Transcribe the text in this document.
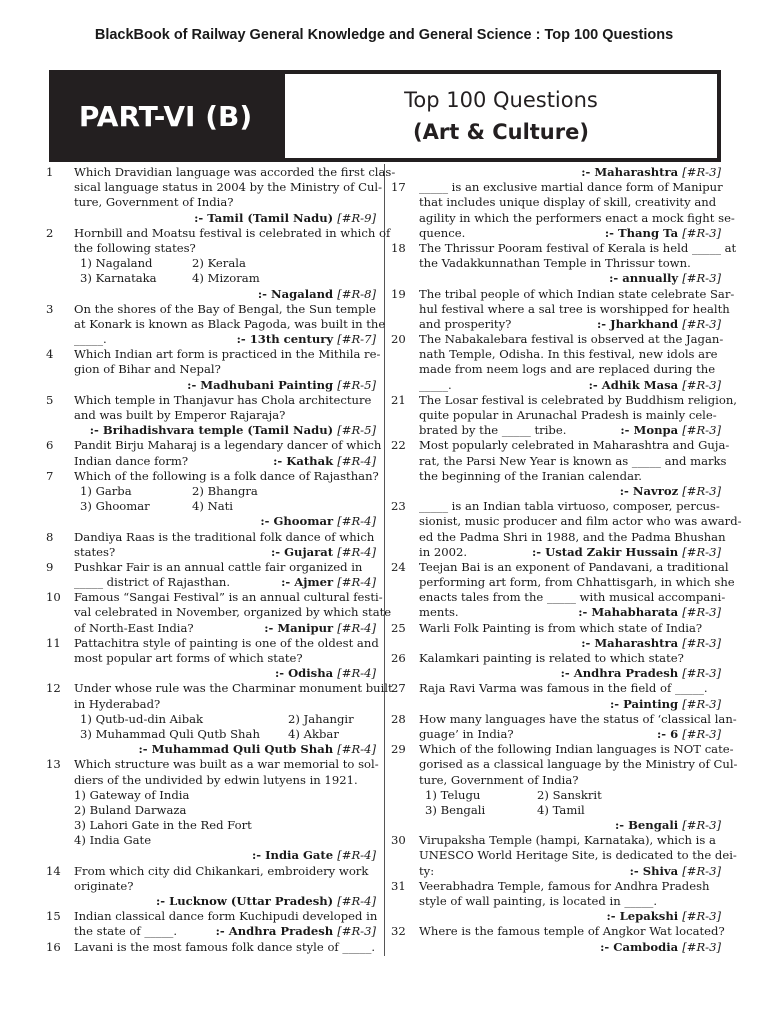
BlackBook of Railway General Knowledge and General Science : Top 100 Questions
PART-VI (B)	Top 100 Questions
(Art & Culture)
1 Which Dravidian language was accorded the first clas-
sical language status in 2004 by the Ministry of Cul-
ture, Government of India?
:- Tamil (Tamil Nadu) [#R-9]
2 Hornbill and Moatsu festival is celebrated in which of
the following states?
1) Nagaland	2) Kerala
3) Karnataka	4) Mizoram
:- Nagaland [#R-8]
3 On the shores of the Bay of Bengal, the Sun temple
at Konark is known as Black Pagoda, was built in the
_____.	:- 13th century [#R-7]
4 Which Indian art form is practiced in the Mithila re-
gion of Bihar and Nepal?
:- Madhubani Painting [#R-5]
5 Which temple in Thanjavur has Chola architecture
and was built by Emperor Rajaraja?
:- Brihadishvara temple (Tamil Nadu) [#R-5]
6 Pandit Birju Maharaj is a legendary dancer of which
Indian dance form?	:- Kathak [#R-4]
7 Which of the following is a folk dance of Rajasthan?
1) Garba	2) Bhangra
3) Ghoomar	4) Nati
:- Ghoomar [#R-4]
8 Dandiya Raas is the traditional folk dance of which
states?	:- Gujarat [#R-4]
9 Pushkar Fair is an annual cattle fair organized in
_____ district of Rajasthan.	:- Ajmer [#R-4]
10 Famous “Sangai Festival” is an annual cultural festi-
val celebrated in November, organized by which state
of North-East India?	:- Manipur [#R-4]
11 Pattachitra style of painting is one of the oldest and
most popular art forms of which state?
:- Odisha [#R-4]
12 Under whose rule was the Charminar monument built
in Hyderabad?
1) Qutb-ud-din Aibak	2) Jahangir
3) Muhammad Quli Qutb Shah 4) Akbar
:- Muhammad Quli Qutb Shah [#R-4]
13 Which structure was built as a war memorial to sol-
diers of the undivided by edwin lutyens in 1921.
1) Gateway of India
2) Buland Darwaza
3) Lahori Gate in the Red Fort
4) India Gate
:- India Gate [#R-4]
14 From which city did Chikankari, embroidery work
originate?
:- Lucknow (Uttar Pradesh) [#R-4]
15 Indian classical dance form Kuchipudi developed in
the state of _____.	:- Andhra Pradesh [#R-3]
16 Lavani is the most famous folk dance style of _____.
:- Maharashtra [#R-3]
17 _____ is an exclusive martial dance form of Manipur
that includes unique display of skill, creativity and
agility in which the performers enact a mock fight se-
quence.	:- Thang Ta [#R-3]
18 The Thrissur Pooram festival of Kerala is held _____ at
the Vadakkunnathan Temple in Thrissur town.
:- annually [#R-3]
19 The tribal people of which Indian state celebrate Sar-
hul festival where a sal tree is worshipped for health
and prosperity?	:- Jharkhand [#R-3]
20 The Nabakalebara festival is observed at the Jagan-
nath Temple, Odisha. In this festival, new idols are
made from neem logs and are replaced during the
_____.	:- Adhik Masa [#R-3]
21 The Losar festival is celebrated by Buddhism religion,
quite popular in Arunachal Pradesh is mainly cele-
brated by the _____ tribe.	:- Monpa [#R-3]
22 Most popularly celebrated in Maharashtra and Guja-
rat, the Parsi New Year is known as _____ and marks
the beginning of the Iranian calendar.
:- Navroz [#R-3]
23 _____ is an Indian tabla virtuoso, composer, percus-
sionist, music producer and film actor who was award-
ed the Padma Shri in 1988, and the Padma Bhushan
in 2002.	:- Ustad Zakir Hussain [#R-3]
24 Teejan Bai is an exponent of Pandavani, a traditional
performing art form, from Chhattisgarh, in which she
enacts tales from the _____ with musical accompani-
ments.	:- Mahabharata [#R-3]
25 Warli Folk Painting is from which state of India?
:- Maharashtra [#R-3]
26 Kalamkari painting is related to which state?
:- Andhra Pradesh [#R-3]
27 Raja Ravi Varma was famous in the field of _____.
:- Painting [#R-3]
28 How many languages have the status of ‘classical lan-
guage’ in India?	:- 6 [#R-3]
29 Which of the following Indian languages is NOT cate-
gorised as a classical language by the Ministry of Cul-
ture, Government of India?
1) Telugu	2) Sanskrit
3) Bengali	4) Tamil
:- Bengali [#R-3]
30 Virupaksha Temple (hampi, Karnataka), which is a
UNESCO World Heritage Site, is dedicated to the dei-
ty:	:- Shiva [#R-3]
31 Veerabhadra Temple, famous for Andhra Pradesh
style of wall painting, is located in _____.
:- Lepakshi [#R-3]
32 Where is the famous temple of Angkor Wat located?
:- Cambodia [#R-3]
